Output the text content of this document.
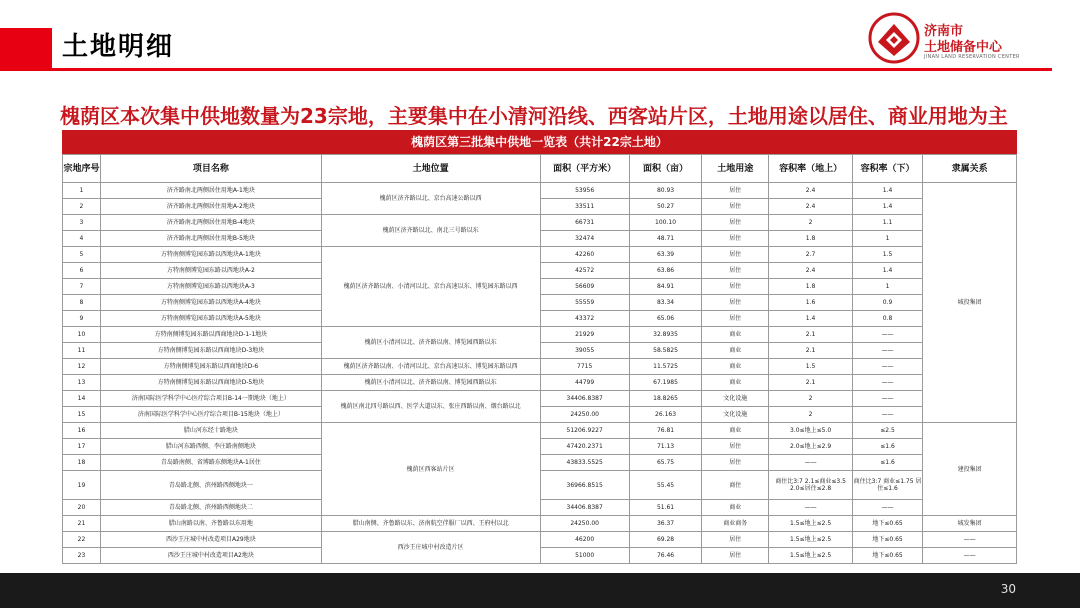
土地明细
济南市
土地储备中心
JINAN LAND RESERVATION CENTER
槐荫区本次集中供地数量为23宗地，主要集中在小清河沿线、西客站片区，土地用途以居住、商业用地为主
槐荫区第三批集中供地一览表（共计22宗土地）
宗地序号	项目名称	土地位置	面积（平方米）	面积（亩）	土地用途	容积率（地上）	容积率（下）	隶属关系
1	济齐路南北两侧居住用地A-1地块	槐荫区济齐路以北、京台高速公路以西	53956	80.93	居住	2.4	1.4	城投集团
2	济齐路南北两侧居住用地A-2地块		33511	50.27	居住	2.4	1.4	
3	济齐路南北两侧居住用地B-4地块	槐荫区济齐路以北、南北三号路以东	66731	100.10	居住	2	1.1	
4	济齐路南北两侧居住用地B-5地块		32474	48.71	居住	1.8	1	
5	方特南侧博览园东路以西地块A-1地块	槐荫区济齐路以南、小清河以北、京台高速以东、博览园东路以西	42260	63.39	居住	2.7	1.5	
6	方特南侧博览园东路以西地块A-2		42572	63.86	居住	2.4	1.4	
7	方特南侧博览园东路以西地块A-3		56609	84.91	居住	1.8	1	
8	方特南侧博览园东路以西地块A-4地块		55559	83.34	居住	1.6	0.9	
9	方特南侧博览园东路以西地块A-5地块		43372	65.06	居住	1.4	0.8	
10	方特南侧博览园东路以西商地块D-1-1地块	槐荫区小清河以北、济齐路以南、博览园西路以东	21929	32.8935	商业	2.1	——	
11	方特南侧博览园东路以西商地块D-3地块		39055	58.5825	商业	2.1	——	
12	方特南侧博览园东路以西商地块D-6	槐荫区济齐路以南、小清河以北、京台高速以东、博览园东路以西	7715	11.5725	商业	1.5	——	
13	方特南侧博览园东路以西商地块D-5地块	槐荫区小清河以北、济齐路以南、博览园西路以东	44799	67.1985	商业	2.1	——	
14	济南国际医学科学中心医疗综合项目B-14一期地块（地上）	槐荫区南北四号路以西、医学大道以东、张庄西路以南、烟台路以北	34406.8387	18.8265	文化设施	2	——	
15	济南国际医学科学中心医疗综合项目B-15地块（地上）		24250.00	26.163	文化设施	2	——	
16	腊山河东经十路地块	槐荫区西客站片区	51206.9227	76.81	商业	3.0≤地上≤5.0	≤2.5	建投集团
17	腊山河东路西侧、李庄路南侧地块		47420.2371	71.13	居住	2.0≤地上≤2.9	≤1.6	
18	青岛路南侧、省博路东侧地块A-1居住		43833.5525	65.75	居住	——	≤1.6	
19	青岛路北侧、滨州路西侧地块一		36966.8515	55.45	商住	商住比3:7 2.1≤商业≤3.5 2.0≤居住≤2.8	商住比3:7 商业≤1.75 居住≤1.6	
20	青岛路北侧、滨州路西侧地块二		34406.8387	51.61	商业	——	——	
21	腊山南路以南、齐鲁路以东用地	腊山南侧、齐鲁路以东、济南航空伴服厂以西、王府村以北	24250.00	36.37	商业商务	1.5≤地上≤2.5	地下≤0.65	城发集团
22	西沙王庄城中村改造项目A29地块	西沙王庄城中村改造片区	46200	69.28	居住	1.5≤地上≤2.5	地下≤0.65	——
23	西沙王庄城中村改造项目A2地块		51000	76.46	居住	1.5≤地上≤2.5	地下≤0.65	——
30
